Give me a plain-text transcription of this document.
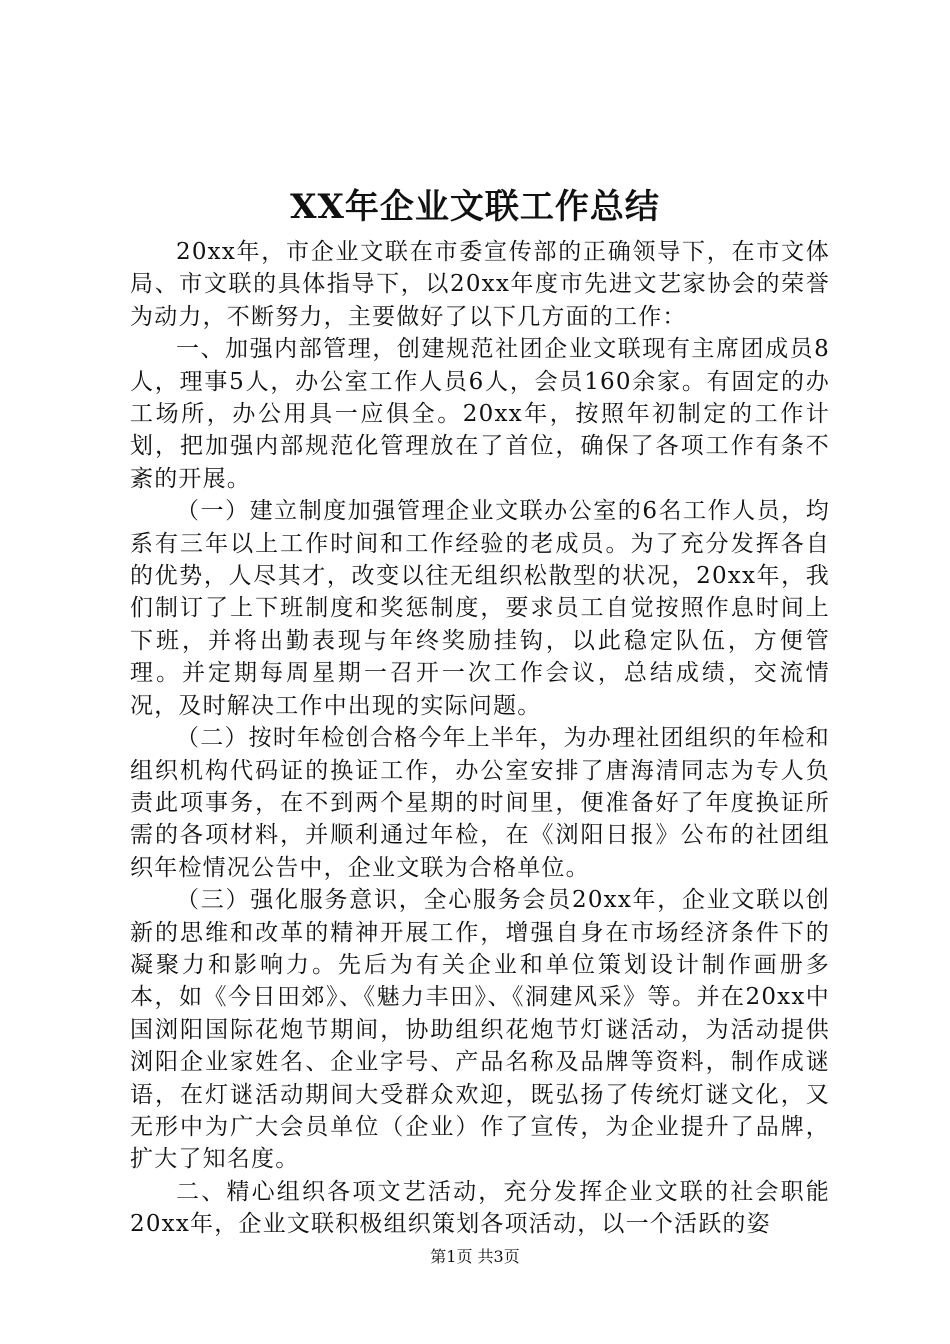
XX年企业文联工作总结

20xx年，市企业文联在市委宣传部的正确领导下，在市文体局、市文联的具体指导下，以20xx年度市先进文艺家协会的荣誉为动力，不断努力，主要做好了以下几方面的工作：

一、加强内部管理，创建规范社团企业文联现有主席团成员8人，理事5人，办公室工作人员6人，会员160余家。有固定的办工场所，办公用具一应俱全。20xx年，按照年初制定的工作计划，把加强内部规范化管理放在了首位，确保了各项工作有条不紊的开展。

（一）建立制度加强管理企业文联办公室的6名工作人员，均系有三年以上工作时间和工作经验的老成员。为了充分发挥各自的优势，人尽其才，改变以往无组织松散型的状况，20xx年，我们制订了上下班制度和奖惩制度，要求员工自觉按照作息时间上下班，并将出勤表现与年终奖励挂钩，以此稳定队伍，方便管理。并定期每周星期一召开一次工作会议，总结成绩，交流情况，及时解决工作中出现的实际问题。

（二）按时年检创合格今年上半年，为办理社团组织的年检和组织机构代码证的换证工作，办公室安排了唐海清同志为专人负责此项事务，在不到两个星期的时间里，便准备好了年度换证所需的各项材料，并顺利通过年检，在《浏阳日报》公布的社团组织年检情况公告中，企业文联为合格单位。

（三）强化服务意识，全心服务会员20xx年，企业文联以创新的思维和改革的精神开展工作，增强自身在市场经济条件下的凝聚力和影响力。先后为有关企业和单位策划设计制作画册多本，如《今日田郊》、《魅力丰田》、《洞建风采》等。并在20xx中国浏阳国际花炮节期间，协助组织花炮节灯谜活动，为活动提供浏阳企业家姓名、企业字号、产品名称及品牌等资料，制作成谜语，在灯谜活动期间大受群众欢迎，既弘扬了传统灯谜文化，又无形中为广大会员单位（企业）作了宣传，为企业提升了品牌，扩大了知名度。

二、精心组织各项文艺活动，充分发挥企业文联的社会职能20xx年，企业文联积极组织策划各项活动，以一个活跃的姿

第1页 共3页
